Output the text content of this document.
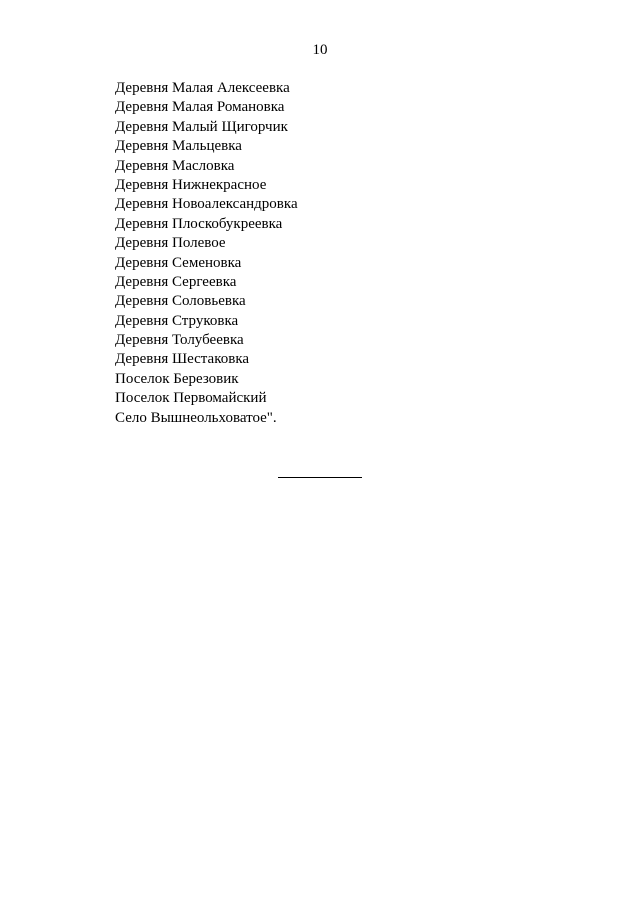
10
Деревня Малая Алексеевка
Деревня Малая Романовка
Деревня Малый Щигорчик
Деревня Мальцевка
Деревня Масловка
Деревня Нижнекрасное
Деревня Новоалександровка
Деревня Плоскобукреевка
Деревня Полевое
Деревня Семеновка
Деревня Сергеевка
Деревня Соловьевка
Деревня Струковка
Деревня Толубеевка
Деревня Шестаковка
Поселок Березовик
Поселок Первомайский
Село Вышнеольховатое".
